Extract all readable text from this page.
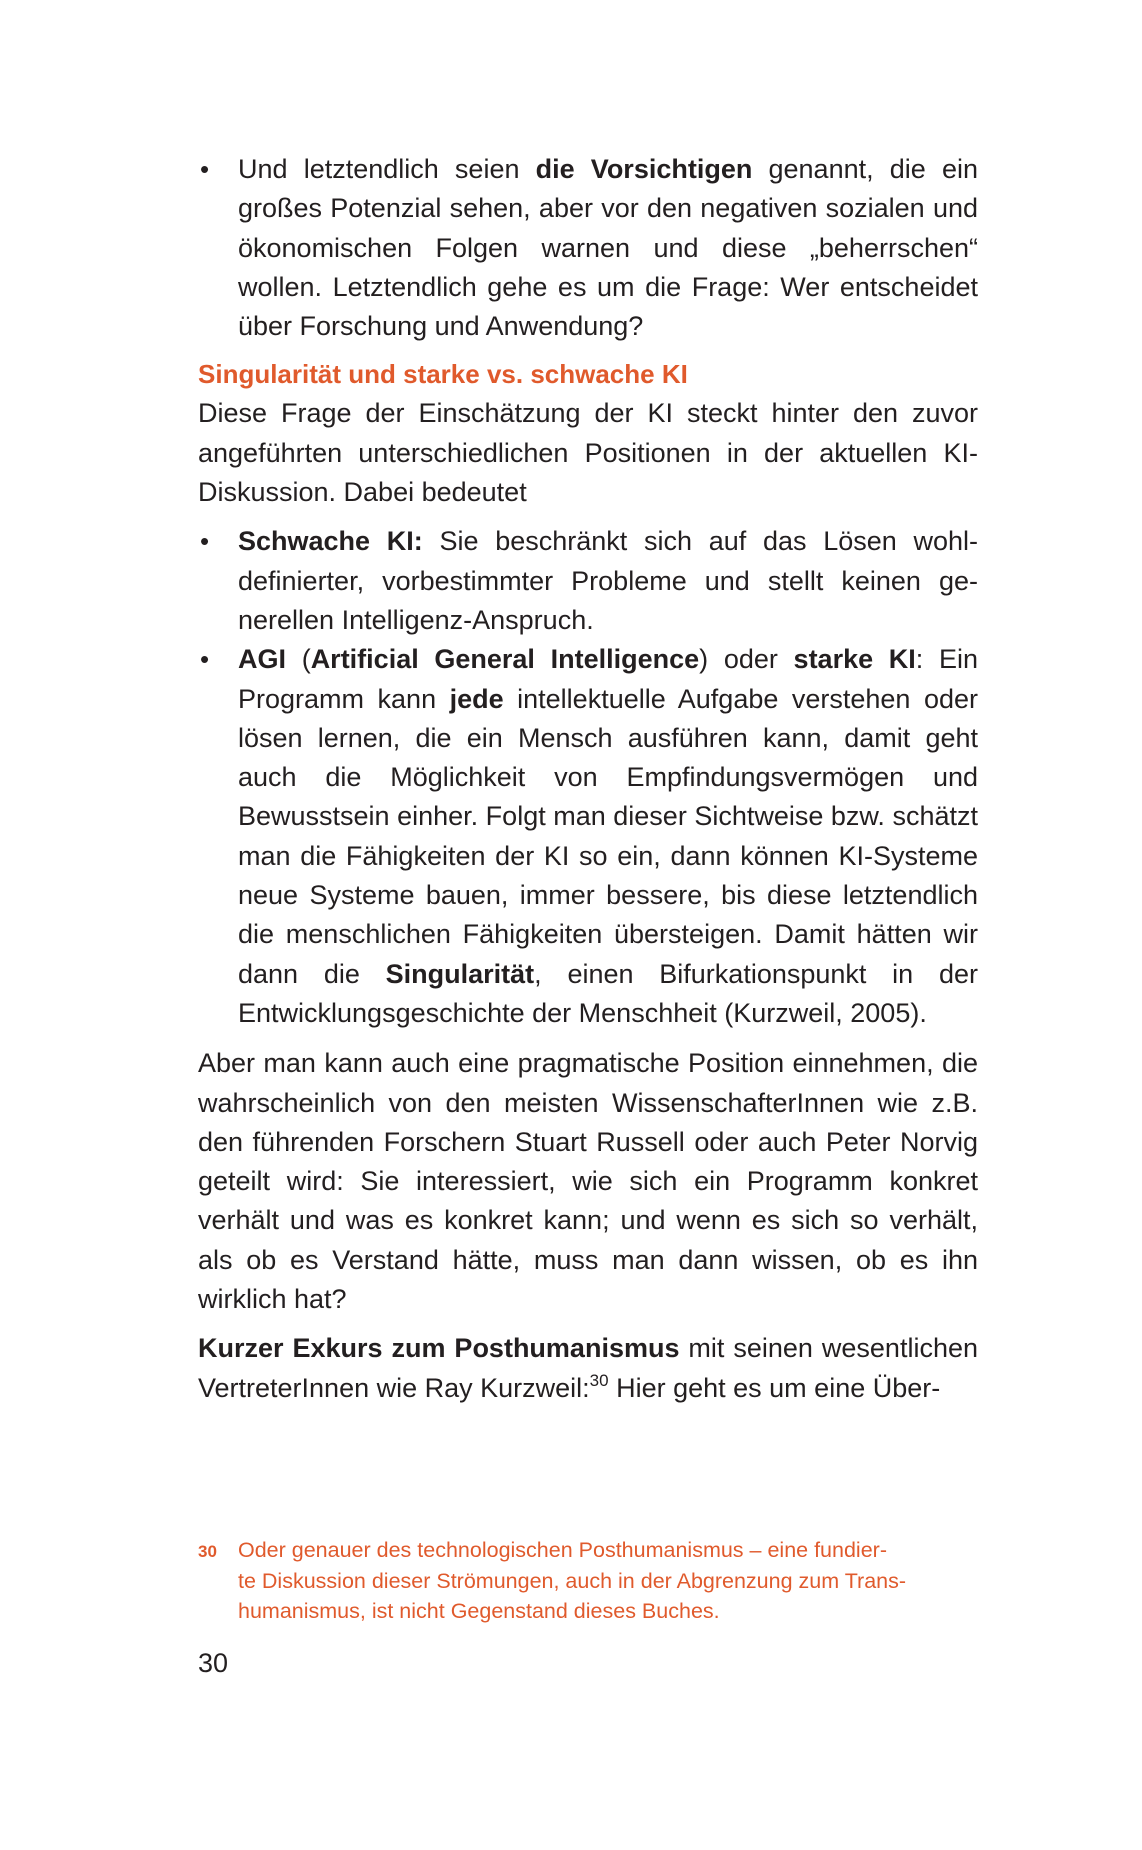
• Und letztendlich seien die Vorsichtigen genannt, die ein großes Potenzial sehen, aber vor den negativen sozialen und ökonomischen Folgen warnen und diese „beherrschen“ wollen. Letztendlich gehe es um die Frage: Wer entscheidet über Forschung und Anwendung?

Singularität und starke vs. schwache KI

Diese Frage der Einschätzung der KI steckt hinter den zuvor angeführten unterschiedlichen Positionen in der aktuellen KI-Diskussion. Dabei bedeutet

• Schwache KI: Sie beschränkt sich auf das Lösen wohldefinierter, vorbestimmter Probleme und stellt keinen generellen Intelligenz-Anspruch.

• AGI (Artificial General Intelligence) oder starke KI: Ein Programm kann jede intellektuelle Aufgabe verstehen oder lösen lernen, die ein Mensch ausführen kann, damit geht auch die Möglichkeit von Empfindungsvermögen und Bewusstsein einher. Folgt man dieser Sichtweise bzw. schätzt man die Fähigkeiten der KI so ein, dann können KI-Systeme neue Systeme bauen, immer bessere, bis diese letztendlich die menschlichen Fähigkeiten übersteigen. Damit hätten wir dann die Singularität, einen Bifurkationspunkt in der Entwicklungsgeschichte der Menschheit (Kurzweil, 2005).

Aber man kann auch eine pragmatische Position einnehmen, die wahrscheinlich von den meisten WissenschafterInnen wie z.B. den führenden Forschern Stuart Russell oder auch Peter Norvig geteilt wird: Sie interessiert, wie sich ein Programm konkret verhält und was es konkret kann; und wenn es sich so verhält, als ob es Verstand hätte, muss man dann wissen, ob es ihn wirklich hat?

Kurzer Exkurs zum Posthumanismus mit seinen wesentlichen VertreterInnen wie Ray Kurzweil:$^{30}$ Hier geht es um eine Über-

30 Oder genauer des technologischen Posthumanismus – eine fundier-
te Diskussion dieser Strömungen, auch in der Abgrenzung zum Trans-
humanismus, ist nicht Gegenstand dieses Buches.
30
